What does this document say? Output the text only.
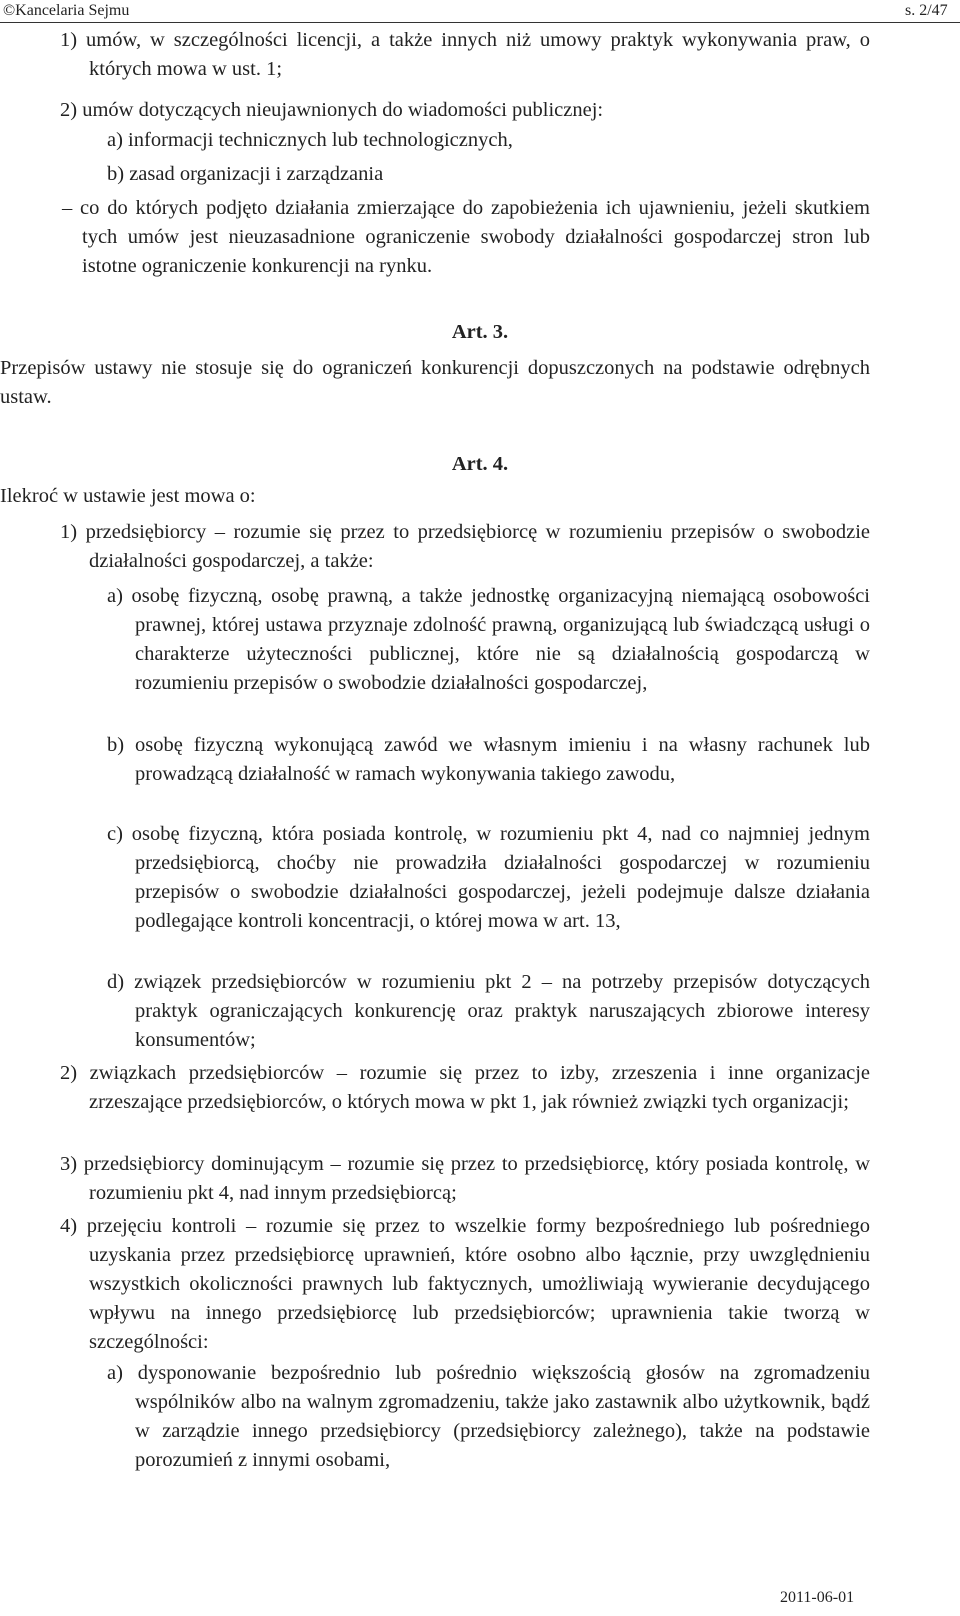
©Kancelaria Sejmu	s. 2/47
1) umów, w szczególności licencji, a także innych niż umowy praktyk wykonywania praw, o których mowa w ust. 1;
2) umów dotyczących nieujawnionych do wiadomości publicznej:
a) informacji technicznych lub technologicznych,
b) zasad organizacji i zarządzania
– co do których podjęto działania zmierzające do zapobieżenia ich ujawnieniu, jeżeli skutkiem tych umów jest nieuzasadnione ograniczenie swobody działalności gospodarczej stron lub istotne ograniczenie konkurencji na rynku.
Art. 3.
Przepisów ustawy nie stosuje się do ograniczeń konkurencji dopuszczonych na podstawie odrębnych ustaw.
Art. 4.
Ilekroć w ustawie jest mowa o:
1) przedsiębiorcy – rozumie się przez to przedsiębiorcę w rozumieniu przepisów o swobodzie działalności gospodarczej, a także:
a) osobę fizyczną, osobę prawną, a także jednostkę organizacyjną niemającą osobowości prawnej, której ustawa przyznaje zdolność prawną, organizującą lub świadczącą usługi o charakterze użyteczności publicznej, które nie są działalnością gospodarczą w rozumieniu przepisów o swobodzie działalności gospodarczej,
b) osobę fizyczną wykonującą zawód we własnym imieniu i na własny rachunek lub prowadzącą działalność w ramach wykonywania takiego zawodu,
c) osobę fizyczną, która posiada kontrolę, w rozumieniu pkt 4, nad co najmniej jednym przedsiębiorcą, choćby nie prowadziła działalności gospodarczej w rozumieniu przepisów o swobodzie działalności gospodarczej, jeżeli podejmuje dalsze działania podlegające kontroli koncentracji, o której mowa w art. 13,
d) związek przedsiębiorców w rozumieniu pkt 2 – na potrzeby przepisów dotyczących praktyk ograniczających konkurencję oraz praktyk naruszających zbiorowe interesy konsumentów;
2) związkach przedsiębiorców – rozumie się przez to izby, zrzeszenia i inne organizacje zrzeszające przedsiębiorców, o których mowa w pkt 1, jak również związki tych organizacji;
3) przedsiębiorcy dominującym – rozumie się przez to przedsiębiorcę, który posiada kontrolę, w rozumieniu pkt 4, nad innym przedsiębiorcą;
4) przejęciu kontroli – rozumie się przez to wszelkie formy bezpośredniego lub pośredniego uzyskania przez przedsiębiorcę uprawnień, które osobno albo łącznie, przy uwzględnieniu wszystkich okoliczności prawnych lub faktycznych, umożliwiają wywieranie decydującego wpływu na innego przedsiębiorcę lub przedsiębiorców; uprawnienia takie tworzą w szczególności:
a) dysponowanie bezpośrednio lub pośrednio większością głosów na zgromadzeniu wspólników albo na walnym zgromadzeniu, także jako zastawnik albo użytkownik, bądź w zarządzie innego przedsiębiorcy (przedsiębiorcy zależnego), także na podstawie porozumień z innymi osobami,
2011-06-01
